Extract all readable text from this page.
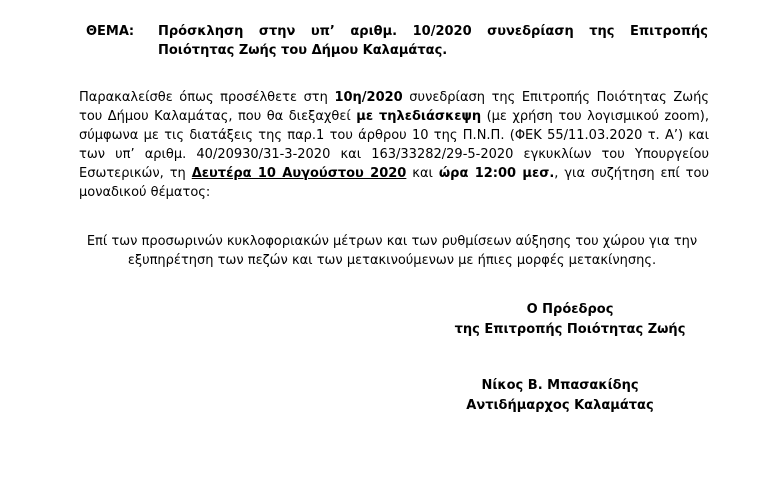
ΘΕΜΑ:	Πρόσκληση στην υπ’ αριθμ. 10/2020 συνεδρίαση της Επιτροπής Ποιότητας Ζωής του Δήμου Καλαμάτας.
Παρακαλείσθε όπως προσέλθετε στη 10η/2020 συνεδρίαση της Επιτροπής Ποιότητας Ζωής του Δήμου Καλαμάτας, που θα διεξαχθεί με τηλεδιάσκεψη (με χρήση του λογισμικού zoom), σύμφωνα με τις διατάξεις της παρ.1 του άρθρου 10 της Π.Ν.Π. (ΦΕΚ 55/11.03.2020 τ. Α’) και των υπ’ αριθμ. 40/20930/31-3-2020 και 163/33282/29-5-2020 εγκυκλίων του Υπουργείου Εσωτερικών, τη Δευτέρα 10 Αυγούστου 2020 και ώρα 12:00 μεσ., για συζήτηση επί του μοναδικού θέματος:
Επί των προσωρινών κυκλοφοριακών μέτρων και των ρυθμίσεων αύξησης του χώρου για την εξυπηρέτηση των πεζών και των μετακινούμενων με ήπιες μορφές μετακίνησης.
Ο Πρόεδρος
της Επιτροπής Ποιότητας Ζωής
Νίκος Β. Μπασακίδης
Αντιδήμαρχος Καλαμάτας
